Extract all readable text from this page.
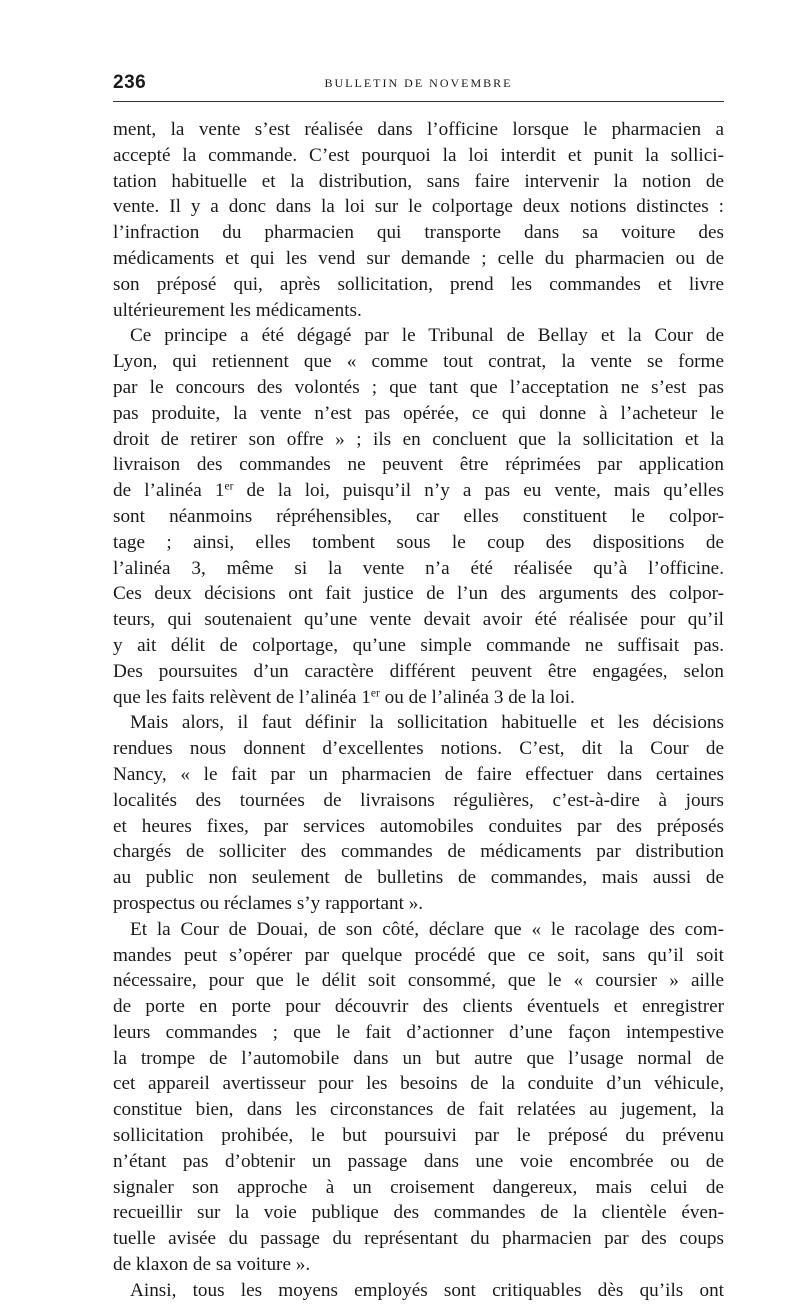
236	BULLETIN DE NOVEMBRE
ment, la vente s’est réalisée dans l’officine lorsque le pharmacien a
accepté la commande. C’est pourquoi la loi interdit et punit la sollici-
tation habituelle et la distribution, sans faire intervenir la notion de
vente. Il y a donc dans la loi sur le colportage deux notions distinctes :
l’infraction du pharmacien qui transporte dans sa voiture des
médicaments et qui les vend sur demande ; celle du pharmacien ou de
son préposé qui, après sollicitation, prend les commandes et livre
ultérieurement les médicaments.
Ce principe a été dégagé par le Tribunal de Bellay et la Cour de
Lyon, qui retiennent que « comme tout contrat, la vente se forme
par le concours des volontés ; que tant que l’acceptation ne s’est pas
pas produite, la vente n’est pas opérée, ce qui donne à l’acheteur le
droit de retirer son offre » ; ils en concluent que la sollicitation et la
livraison des commandes ne peuvent être réprimées par application
de l’alinéa 1er de la loi, puisqu’il n’y a pas eu vente, mais qu’elles
sont néanmoins répréhensibles, car elles constituent le colpor-
tage ; ainsi, elles tombent sous le coup des dispositions de
l’alinéa 3, même si la vente n’a été réalisée qu’à l’officine.
Ces deux décisions ont fait justice de l’un des arguments des colpor-
teurs, qui soutenaient qu’une vente devait avoir été réalisée pour qu’il
y ait délit de colportage, qu’une simple commande ne suffisait pas.
Des poursuites d’un caractère différent peuvent être engagées, selon
que les faits relèvent de l’alinéa 1er ou de l’alinéa 3 de la loi.
Mais alors, il faut définir la sollicitation habituelle et les décisions
rendues nous donnent d’excellentes notions. C’est, dit la Cour de
Nancy, « le fait par un pharmacien de faire effectuer dans certaines
localités des tournées de livraisons régulières, c’est-à-dire à jours
et heures fixes, par services automobiles conduites par des préposés
chargés de solliciter des commandes de médicaments par distribution
au public non seulement de bulletins de commandes, mais aussi de
prospectus ou réclames s’y rapportant ».
Et la Cour de Douai, de son côté, déclare que « le racolage des com-
mandes peut s’opérer par quelque procédé que ce soit, sans qu’il soit
nécessaire, pour que le délit soit consommé, que le « coursier » aille
de porte en porte pour découvrir des clients éventuels et enregistrer
leurs commandes ; que le fait d’actionner d’une façon intempestive
la trompe de l’automobile dans un but autre que l’usage normal de
cet appareil avertisseur pour les besoins de la conduite d’un véhicule,
constitue bien, dans les circonstances de fait relatées au jugement, la
sollicitation prohibée, le but poursuivi par le préposé du prévenu
n’étant pas d’obtenir un passage dans une voie encombrée ou de
signaler son approche à un croisement dangereux, mais celui de
recueillir sur la voie publique des commandes de la clientèle éven-
tuelle avisée du passage du représentant du pharmacien par des coups
de klaxon de sa voiture ».
Ainsi, tous les moyens employés sont critiquables dès qu’ils ont
